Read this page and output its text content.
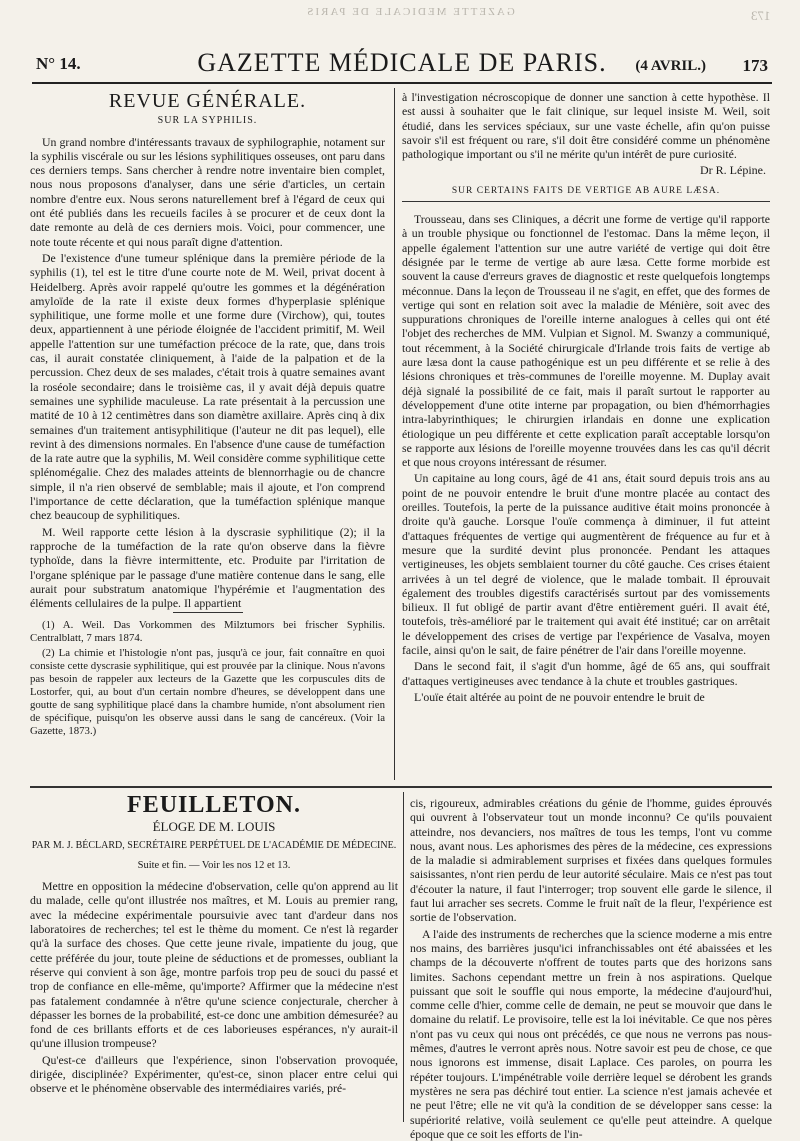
GAZETTE MEDICALE DE PARIS	173
N° 14.	GAZETTE MÉDICALE DE PARIS.	(4 AVRIL.) 173
REVUE GÉNÉRALE.
SUR LA SYPHILIS.

Un grand nombre d'intéressants travaux de syphilographie, notament sur la syphilis viscérale ou sur les lésions syphilitiques osseuses, ont paru dans ces derniers temps. Sans chercher à rendre notre inventaire bien complet, nous nous proposons d'analyser, dans une série d'articles, un certain nombre d'entre eux. Nous serons naturellement bref à l'égard de ceux qui ont été publiés dans les recueils faciles à se procurer et de ceux dont la date remonte au delà de ces derniers mois. Voici, pour commencer, une note toute récente et qui nous paraît digne d'attention.

De l'existence d'une tumeur splénique dans la première période de la syphilis (1), tel est le titre d'une courte note de M. Weil, privat docent à Heidelberg. Après avoir rappelé qu'outre les gommes et la dégénération amyloïde de la rate il existe deux formes d'hyperplasie splénique syphilitique, une forme molle et une forme dure (Virchow), qui, toutes deux, appartiennent à une période éloignée de l'accident primitif, M. Weil appelle l'attention sur une tuméfaction précoce de la rate, que, dans trois cas, il aurait constatée cliniquement, à l'aide de la palpation et de la percussion. Chez deux de ses malades, c'était trois à quatre semaines avant la roséole secondaire; dans le troisième cas, il y avait déjà depuis quatre semaines une syphilide maculeuse. La rate présentait à la percussion une matité de 10 à 12 centimètres dans son diamètre axillaire. Après cinq à dix semaines d'un traitement antisyphilitique (l'auteur ne dit pas lequel), elle revint à des dimensions normales. En l'absence d'une cause de tuméfaction de la rate autre que la syphilis, M. Weil considère comme syphilitique cette splénomégalie. Chez des malades atteints de blennorrhagie ou de chancre simple, il n'a rien observé de semblable; mais il ajoute, et l'on comprend l'importance de cette déclaration, que la tuméfaction splénique manque chez beaucoup de syphilitiques.

M. Weil rapporte cette lésion à la dyscrasie syphilitique (2); il la rapproche de la tuméfaction de la rate qu'on observe dans la fièvre typhoïde, dans la fièvre intermittente, etc. Produite par l'irritation de l'organe splénique par le passage d'une matière contenue dans le sang, elle aurait pour substratum anatomique l'hypérémie et l'augmentation des éléments cellulaires de la pulpe. Il appartient

(1) A. Weil. Das Vorkommen des Milztumors bei frischer Syphilis. Centralblatt, 7 mars 1874.

(2) La chimie et l'histologie n'ont pas, jusqu'à ce jour, fait connaître en quoi consiste cette dyscrasie syphilitique, qui est prouvée par la clinique. Nous n'avons pas besoin de rappeler aux lecteurs de la Gazette que les corpuscules dits de Lostorfer, qui, au bout d'un certain nombre d'heures, se développent dans une goutte de sang syphilitique placé dans la chambre humide, n'ont absolument rien de spécifique, puisqu'on les observe aussi dans le sang de cancéreux. (Voir la Gazette, 1873.)

à l'investigation nécroscopique de donner une sanction à cette hypothèse. Il est aussi à souhaiter que le fait clinique, sur lequel insiste M. Weil, soit étudié, dans les services spéciaux, sur une vaste échelle, afin qu'on puisse savoir s'il est fréquent ou rare, s'il doit être considéré comme un phénomène pathologique important ou s'il ne mérite qu'un intérêt de pure curiosité.

Dr R. Lépine.
SUR CERTAINS FAITS DE VERTIGE AB AURE LÆSA.

Trousseau, dans ses Cliniques, a décrit une forme de vertige qu'il rapporte à un trouble physique ou fonctionnel de l'estomac. Dans la même leçon, il appelle également l'attention sur une autre variété de vertige qui doit être désignée par le terme de vertige ab aure læsa. Cette forme morbide est souvent la cause d'erreurs graves de diagnostic et reste quelquefois longtemps méconnue. Dans la leçon de Trousseau il ne s'agit, en effet, que des formes de vertige qui sont en relation soit avec la maladie de Ménière, soit avec des suppurations chroniques de l'oreille interne analogues à celles qui ont été l'objet des recherches de MM. Vulpian et Signol. M. Swanzy a communiqué, tout récemment, à la Société chirurgicale d'Irlande trois faits de vertige ab aure læsa dont la cause pathogénique est un peu différente et se relie à des lésions chroniques et très-communes de l'oreille moyenne. M. Duplay avait déjà signalé la possibilité de ce fait, mais il paraît surtout le rapporter au développement d'une otite interne par propagation, ou bien d'hémorrhagies intra-labyrinthiques; le chirurgien irlandais en donne une explication étiologique un peu différente et cette explication paraît acceptable lorsqu'on se rapporte aux lésions de l'oreille moyenne trouvées dans les cas qu'il décrit et que nous croyons intéressant de résumer.

Un capitaine au long cours, âgé de 41 ans, était sourd depuis trois ans au point de ne pouvoir entendre le bruit d'une montre placée au contact des oreilles. Toutefois, la perte de la puissance auditive était moins prononcée à droite qu'à gauche. Lorsque l'ouïe commença à diminuer, il fut atteint d'attaques fréquentes de vertige qui augmentèrent de fréquence au fur et à mesure que la surdité devint plus prononcée. Pendant les attaques vertigineuses, les objets semblaient tourner du côté gauche. Ces crises étaient arrivées à un tel degré de violence, que le malade tombait. Il éprouvait également des troubles digestifs caractérisés surtout par des vomissements bilieux. Il fut obligé de partir avant d'être entièrement guéri. Il avait été, toutefois, très-amélioré par le traitement qui avait été institué; car on arrêtait le développement des crises de vertige par l'expérience de Vasalva, moyen facile, ainsi qu'on le sait, de faire pénétrer de l'air dans l'oreille moyenne.

Dans le second fait, il s'agit d'un homme, âgé de 65 ans, qui souffrait d'attaques vertigineuses avec tendance à la chute et troubles gastriques.

L'ouïe était altérée au point de ne pouvoir entendre le bruit de

FEUILLETON.
ÉLOGE DE M. LOUIS
PAR M. J. BÉCLARD, SECRÉTAIRE PERPÉTUEL DE L'ACADÉMIE DE MÉDECINE.
Suite et fin. — Voir les nos 12 et 13.

Mettre en opposition la médecine d'observation, celle qu'on apprend au lit du malade, celle qu'ont illustrée nos maîtres, et M. Louis au premier rang, avec la médecine expérimentale poursuivie avec tant d'ardeur dans nos laboratoires de recherches; tel est le thème du moment. Ce n'est là regarder qu'à la surface des choses. Que cette jeune rivale, impatiente du joug, que cette préférée du jour, toute pleine de séductions et de promesses, oubliant la réserve qui convient à son âge, montre parfois trop peu de souci du passé et trop de confiance en elle-même, qu'importe? Affirmer que la médecine n'est pas fatalement condamnée à n'être qu'une science conjecturale, chercher à dépasser les bornes de la probabilité, est-ce donc une ambition démesurée? au fond de ces brillants efforts et de ces laborieuses espérances, n'y aurait-il qu'une illusion trompeuse?

Qu'est-ce d'ailleurs que l'expérience, sinon l'observation provoquée, dirigée, disciplinée? Expérimenter, qu'est-ce, sinon placer entre celui qui observe et le phénomène observable des intermédiaires variés, pré-

cis, rigoureux, admirables créations du génie de l'homme, guides éprouvés qui ouvrent à l'observateur tout un monde inconnu? Ce qu'ils pouvaient atteindre, nos devanciers, nos maîtres de tous les temps, l'ont vu comme nous, avant nous. Les aphorismes des pères de la médecine, ces expressions de la maladie si admirablement surprises et fixées dans quelques formules saisissantes, n'ont rien perdu de leur autorité séculaire. Mais ce n'est pas tout d'écouter la nature, il faut l'interroger; trop souvent elle garde le silence, il faut lui arracher ses secrets. Comme le fruit naît de la fleur, l'expérience est sortie de l'observation.

A l'aide des instruments de recherches que la science moderne a mis entre nos mains, des barrières jusqu'ici infranchissables ont été abaissées et les champs de la découverte n'offrent de toutes parts que des horizons sans limites. Sachons cependant mettre un frein à nos aspirations. Quelque puissant que soit le souffle qui nous emporte, la médecine d'aujourd'hui, comme celle d'hier, comme celle de demain, ne peut se mouvoir que dans le domaine du relatif. Le provisoire, telle est la loi inévitable. Ce que nos pères n'ont pas vu ceux qui nous ont précédés, ce que nous ne verrons pas nous-mêmes, d'autres le verront après nous. Notre savoir est peu de chose, ce que nous ignorons est immense, disait Laplace. Ces paroles, on pourra les répéter toujours. L'impénétrable voile derrière lequel se dérobent les grands mystères ne sera pas déchiré tout entier. La science n'est jamais achevée et ne peut l'être; elle ne vit qu'à la condition de se développer sans cesse: la supériorité relative, voilà seulement ce qu'elle peut atteindre. A quelque époque que ce soit les efforts de l'in-
